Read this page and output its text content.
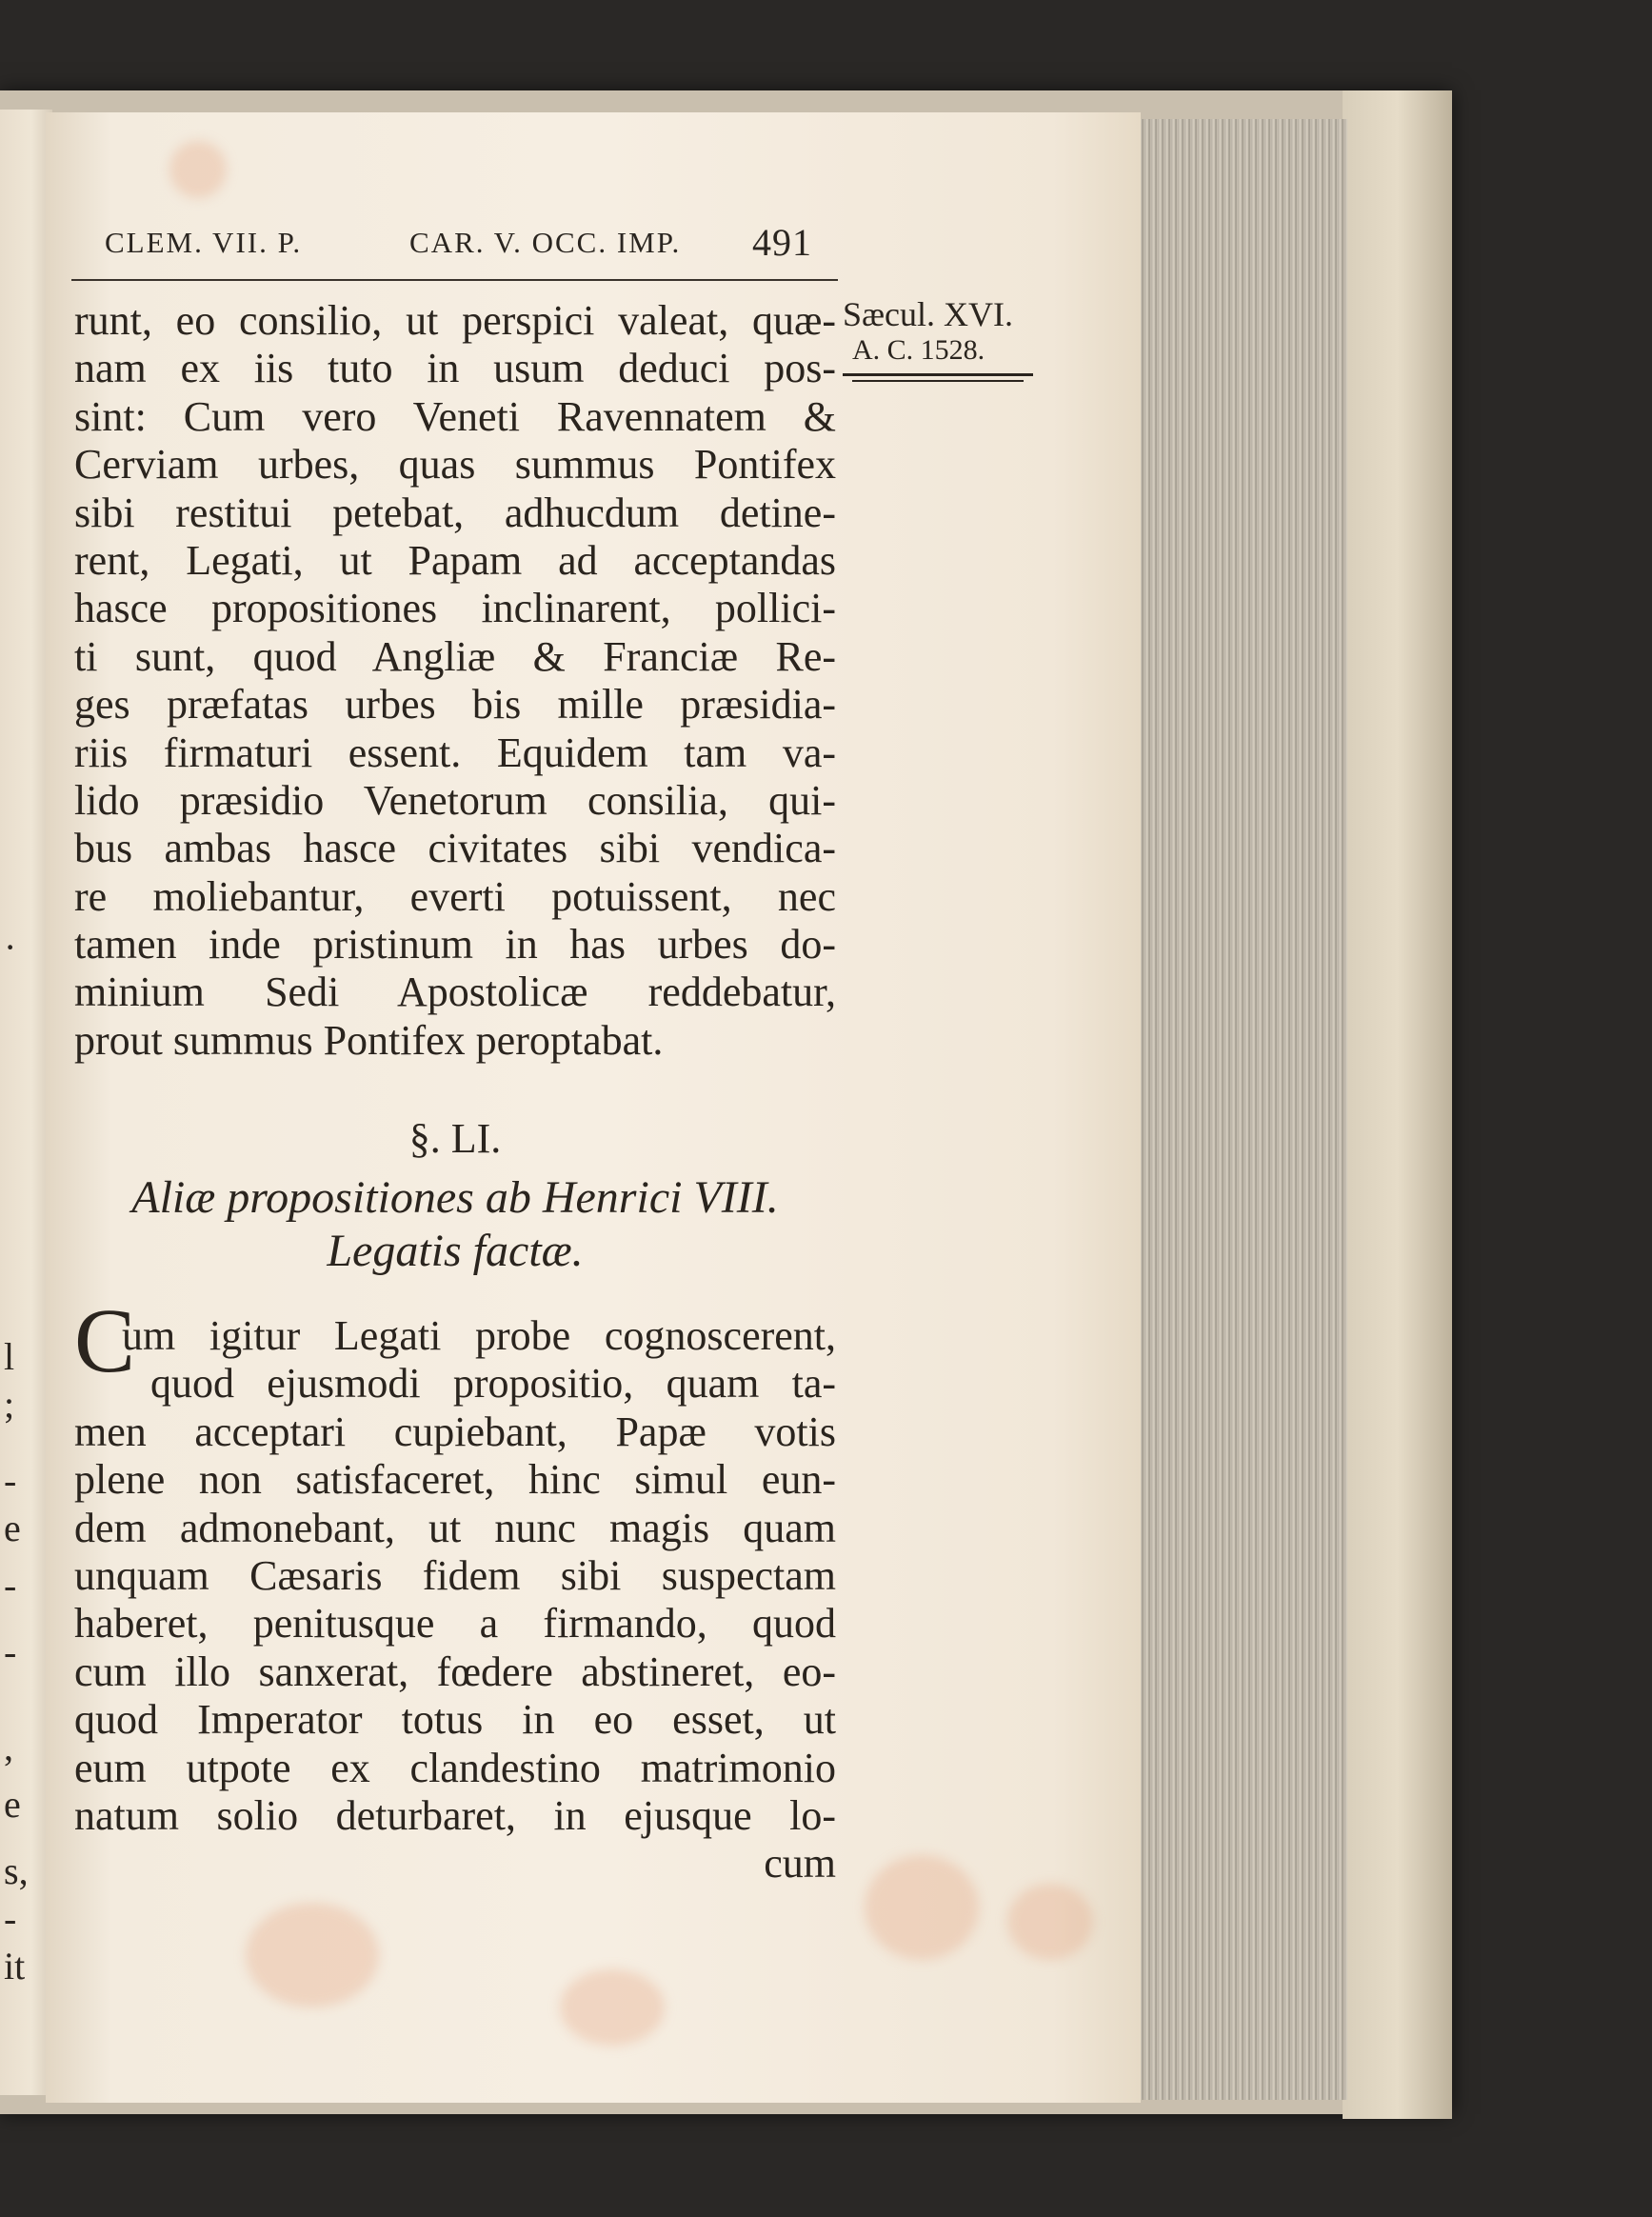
·
l
;
-
e
-
-
,
e
s,
-
it
CLEM. VII. P.	CAR. V. OCC. IMP. 491
Sæcul. XVI.
A. C. 1528.
runt, eo consilio, ut perspici valeat, quæ-
nam ex iis tuto in usum deduci pos-
sint: Cum vero Veneti Ravennatem &
Cerviam urbes, quas summus Pontifex
sibi restitui petebat, adhucdum detine-
rent, Legati, ut Papam ad acceptandas
hasce propositiones inclinarent, pollici-
ti sunt, quod Angliæ & Franciæ Re-
ges præfatas urbes bis mille præsidia-
riis firmaturi essent. Equidem tam va-
lido præsidio Venetorum consilia, qui-
bus ambas hasce civitates sibi vendica-
re moliebantur, everti potuissent, nec
tamen inde pristinum in has urbes do-
minium Sedi Apostolicæ reddebatur,
prout summus Pontifex peroptabat.
§. LI.
Aliæ propositiones ab Henrici VIII.
Legatis factæ.
C
um igitur Legati probe cognoscerent,
quod ejusmodi propositio, quam ta-
men acceptari cupiebant, Papæ votis
plene non satisfaceret, hinc simul eun-
dem admonebant, ut nunc magis quam
unquam Cæsaris fidem sibi suspectam
haberet, penitusque a firmando, quod
cum illo sanxerat, fœdere abstineret, eo-
quod Imperator totus in eo esset, ut
eum utpote ex clandestino matrimonio
natum solio deturbaret, in ejusque lo-
cum
